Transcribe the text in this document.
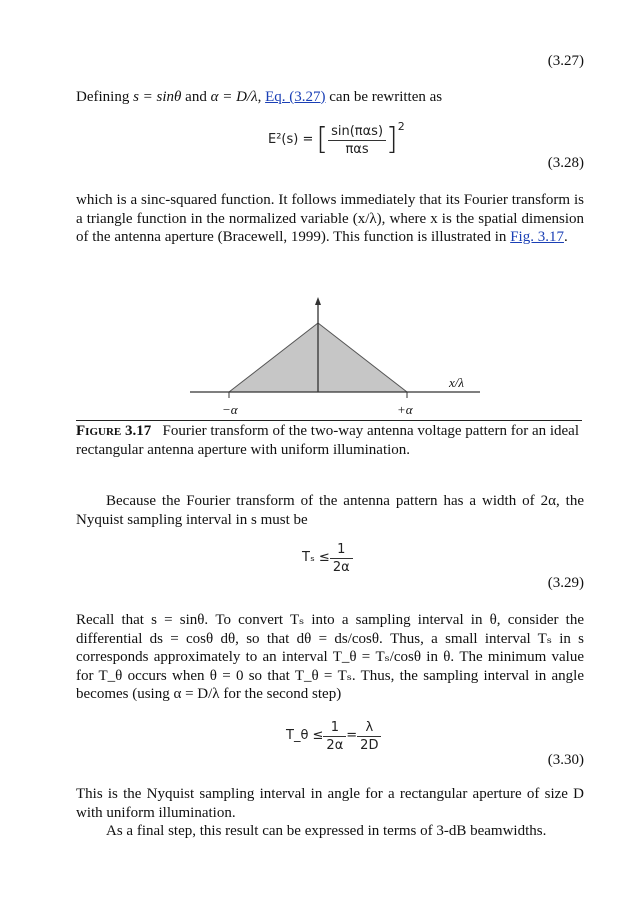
(3.27)
Defining s = sinθ and α = D/λ, Eq. (3.27) can be rewritten as
E²(s) = [ $\frac{\text{sin(παs)}}{\text{παs}}$ ] 2
(3.28)
which is a sinc-squared function. It follows immediately that its Fourier transform is a triangle function in the normalized variable (x/λ), where x is the spatial dimension of the antenna aperture (Bracewell, 1999). This function is illustrated in Fig. 3.17.
x/λ
−α	+α
Figure 3.17 Fourier transform of the two-way antenna voltage pattern for an ideal rectangular antenna aperture with uniform illumination.
Because the Fourier transform of the antenna pattern has a width of 2α, the Nyquist sampling interval in s must be
$T_s \le \frac{1}{2\alpha}$
(3.29)
Recall that s = sinθ. To convert Tₛ into a sampling interval in θ, consider the differential ds = cosθ dθ, so that dθ = ds/cosθ. Thus, a small interval Tₛ in s corresponds approximately to an interval T_θ = Tₛ/cosθ in θ. The minimum value for T_θ occurs when θ = 0 so that T_θ = Tₛ. Thus, the sampling interval in angle becomes (using α = D/λ for the second step)
T_θ ≤ $\frac{1}{2\alpha} = \frac{\lambda}{2D}$
(3.30)
This is the Nyquist sampling interval in angle for a rectangular aperture of size D with uniform illumination.
As a final step, this result can be expressed in terms of 3-dB beamwidths.
